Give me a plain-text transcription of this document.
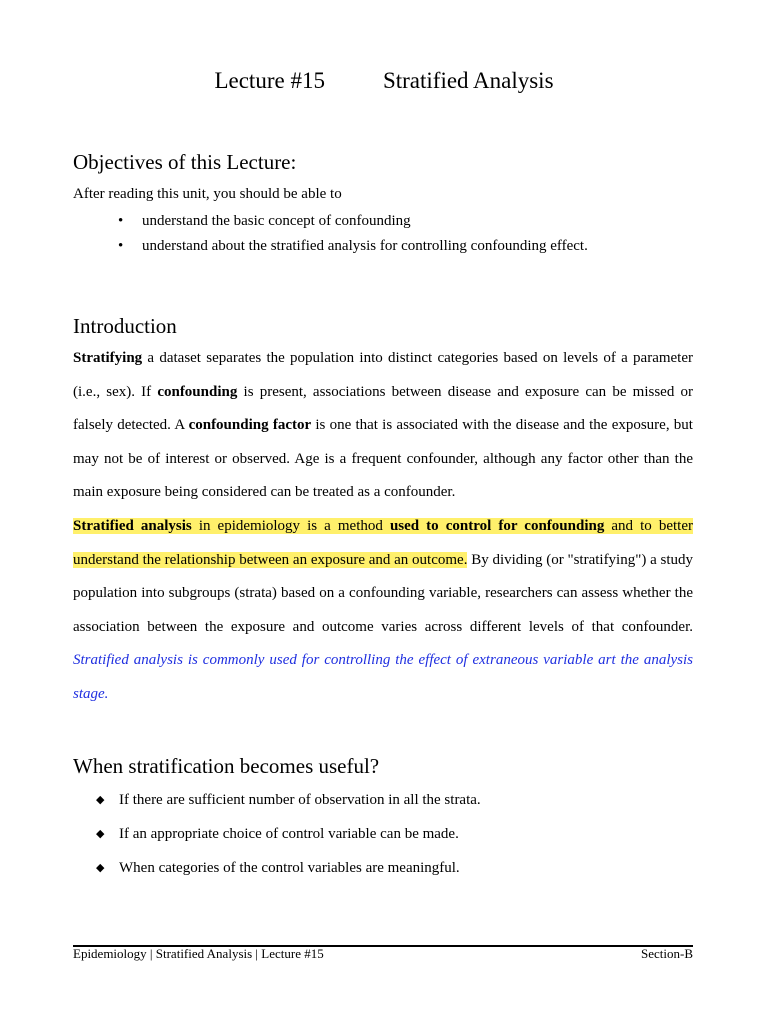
Lecture #15	Stratified Analysis
Objectives of this Lecture:
After reading this unit, you should be able to
• understand the basic concept of confounding
• understand about the stratified analysis for controlling confounding effect.
Introduction
Stratifying a dataset separates the population into distinct categories based on levels of a parameter (i.e., sex). If confounding is present, associations between disease and exposure can be missed or falsely detected. A confounding factor is one that is associated with the disease and the exposure, but may not be of interest or observed. Age is a frequent confounder, although any factor other than the main exposure being considered can be treated as a confounder.
Stratified analysis in epidemiology is a method used to control for confounding and to better understand the relationship between an exposure and an outcome. By dividing (or "stratifying") a study population into subgroups (strata) based on a confounding variable, researchers can assess whether the association between the exposure and outcome varies across different levels of that confounder. Stratified analysis is commonly used for controlling the effect of extraneous variable art the analysis stage.
When stratification becomes useful?
◆ If there are sufficient number of observation in all the strata.
◆ If an appropriate choice of control variable can be made.
◆ When categories of the control variables are meaningful.
Epidemiology | Stratified Analysis | Lecture #15	Section-B
